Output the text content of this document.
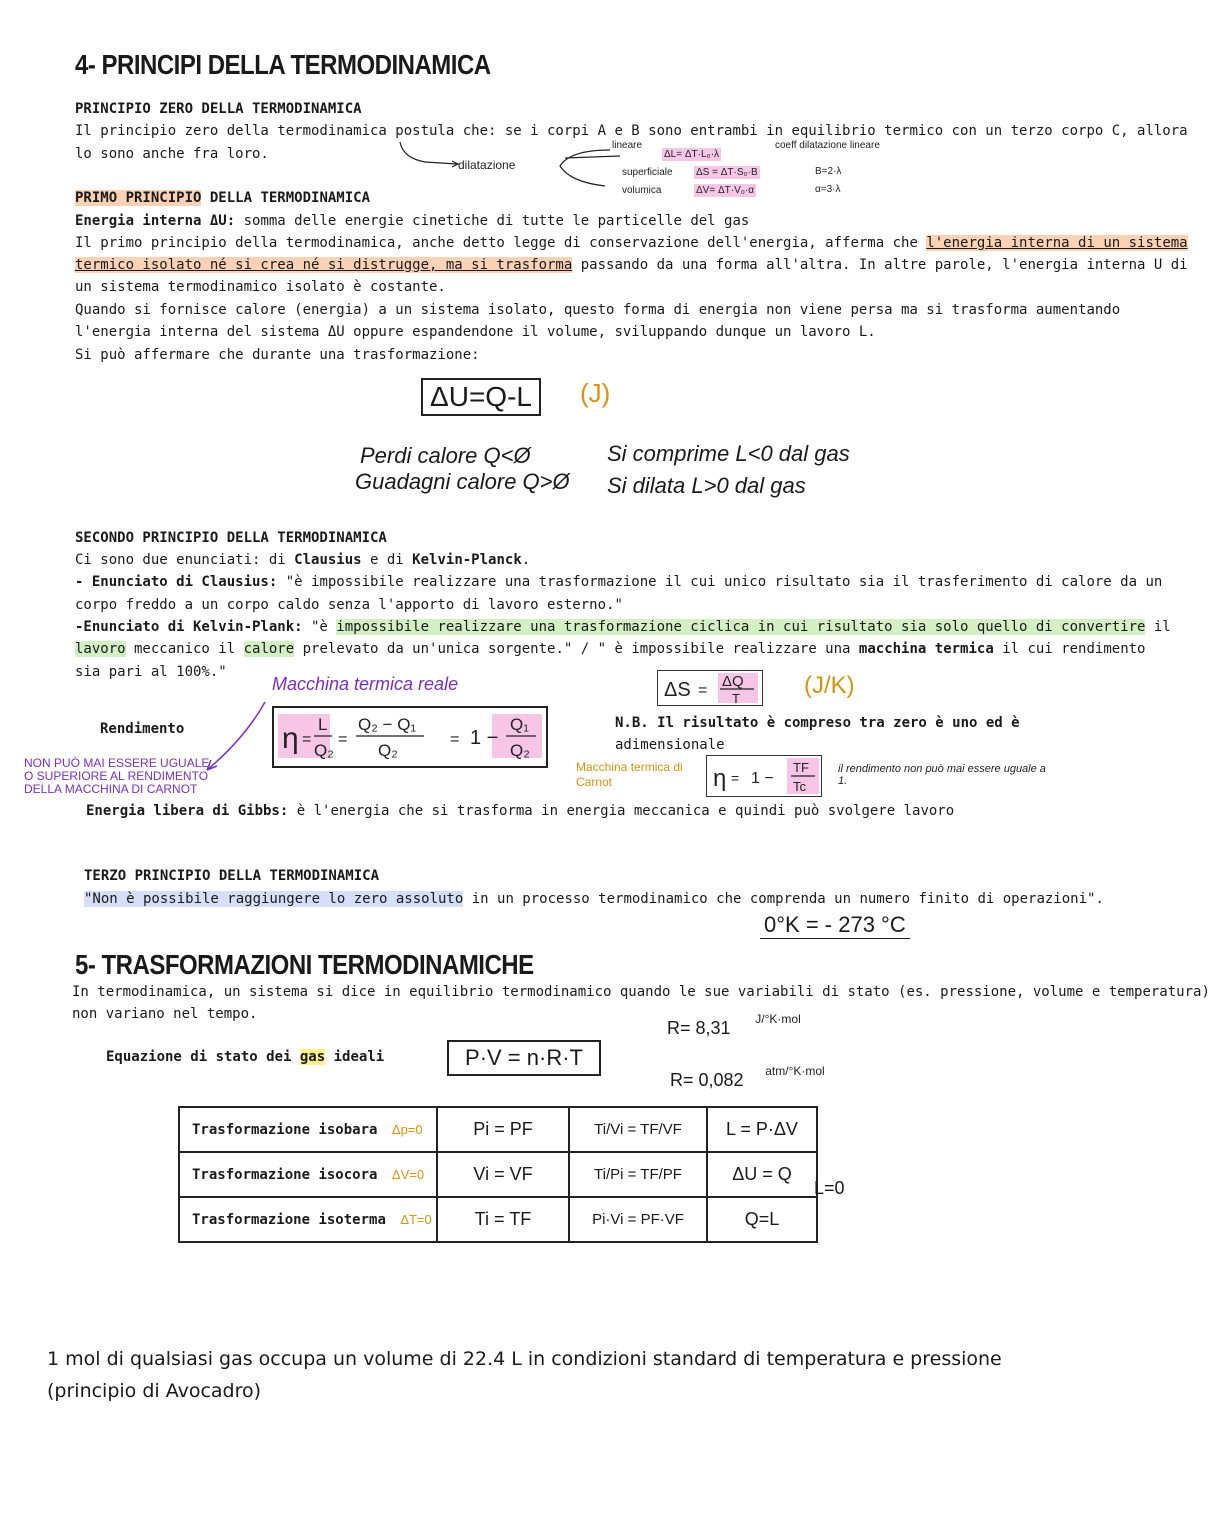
4- PRINCIPI DELLA TERMODINAMICA
PRINCIPIO ZERO DELLA TERMODINAMICA
Il principio zero della termodinamica postula che: se i corpi A e B sono entrambi in equilibrio termico con un terzo corpo C, allora
lo sono anche fra loro.
dilatazione
lineare
superficiale
volumica
ΔL= ΔT·L₀·λ
coeff dilatazione lineare
ΔS = ΔT·S₀·B
ΔV= ΔT·V₀·α
B=2·λ
α=3·λ
PRIMO PRINCIPIO DELLA TERMODINAMICA
Energia interna ΔU: somma delle energie cinetiche di tutte le particelle del gas
Il primo principio della termodinamica, anche detto legge di conservazione dell'energia, afferma che l'energia interna di un sistema
termico isolato né si crea né si distrugge, ma si trasforma passando da una forma all'altra. In altre parole, l'energia interna U di
un sistema termodinamico isolato è costante.
Quando si fornisce calore (energia) a un sistema isolato, questo forma di energia non viene persa ma si trasforma aumentando
l'energia interna del sistema ΔU oppure espandendone il volume, sviluppando dunque un lavoro L.
Si può affermare che durante una trasformazione:
ΔU=Q-L	(J)
Perdi calore Q<Ø
Guadagni calore Q>Ø
Si comprime L<0 dal gas
Si dilata L>0 dal gas
SECONDO PRINCIPIO DELLA TERMODINAMICA
Ci sono due enunciati: di Clausius e di Kelvin-Planck.
- Enunciato di Clausius: "è impossibile realizzare una trasformazione il cui unico risultato sia il trasferimento di calore da un
corpo freddo a un corpo caldo senza l'apporto di lavoro esterno."
-Enunciato di Kelvin-Plank: "è impossibile realizzare una trasformazione ciclica in cui risultato sia solo quello di convertire il
lavoro meccanico il calore prelevato da un'unica sorgente." / " è impossibile realizzare una macchina termica il cui rendimento
sia pari al 100%."
Macchina termica reale
Rendimento
NON PUÒ MAI ESSERE UGUALE
O SUPERIORE AL RENDIMENTO
DELLA MACCHINA DI CARNOT
η =
L
Q₂
=
Q₂ − Q₁
Q₂
= 1 −
Q₁
Q₂
ΔS =
ΔQ
T	(J/K)
N.B. Il risultato è compreso tra zero è uno ed è
adimensionale
Macchina termica di Carnot	η = 1 −
TF
Tc
il rendimento non può mai essere uguale a 1.
Energia libera di Gibbs: è l'energia che si trasforma in energia meccanica e quindi può svolgere lavoro
TERZO PRINCIPIO DELLA TERMODINAMICA
"Non è possibile raggiungere lo zero assoluto in un processo termodinamico che comprenda un numero finito di operazioni".
0°K = - 273 °C
5- TRASFORMAZIONI TERMODINAMICHE
In termodinamica, un sistema si dice in equilibrio termodinamico quando le sue variabili di stato (es. pressione, volume e temperatura)
non variano nel tempo.
Equazione di stato dei gas ideali	P·V = n·R·T
R= 8,31	J/°K·mol
R= 0,082 atm/°K·mol
Trasformazione isobara Δp=0	Pi = PF	Ti/Vi = TF/VF	L = P·ΔV
Trasformazione isocora ΔV=0	Vi = VF	Ti/Pi = TF/PF	ΔU = Q
Trasformazione isoterma ΔT=0	Ti = TF	Pi·Vi = PF·VF	Q=L
L=0
1 mol di qualsiasi gas occupa un volume di 22.4 L in condizioni standard di temperatura e pressione
(principio di Avocadro)
